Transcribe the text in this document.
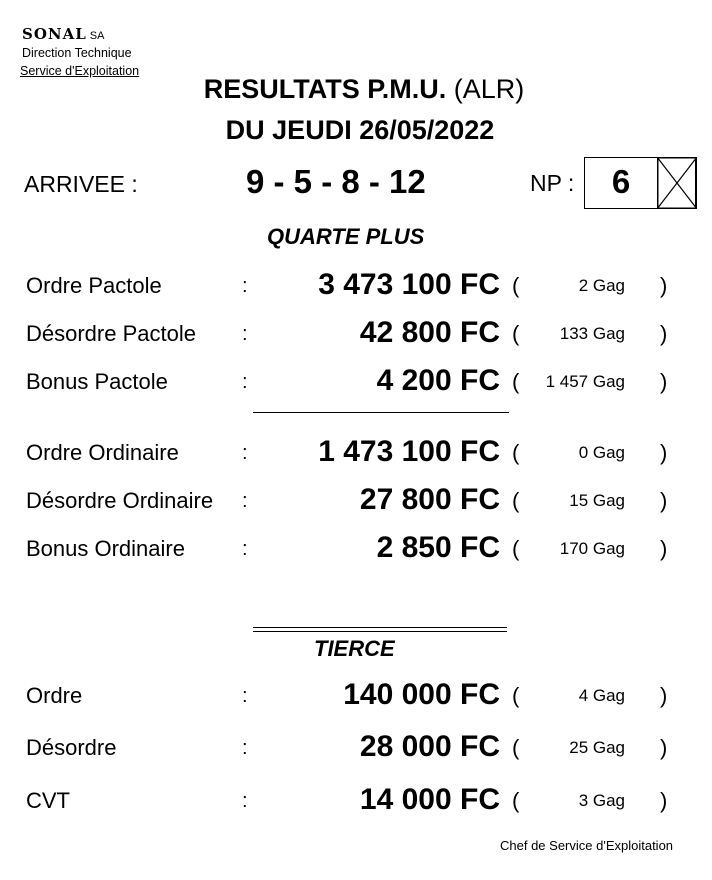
SONAL SA
Direction Technique
Service d'Exploitation
RESULTATS P.M.U. (ALR)
DU JEUDI 26/05/2022
ARRIVEE :	9 - 5 - 8 - 12	NP :	6
QUARTE PLUS
Ordre Pactole	:	3 473 100 FC (	2 Gag )
Désordre Pactole :	42 800 FC (	133 Gag )
Bonus Pactole	:	4 200 FC (	1 457 Gag )
Ordre Ordinaire	:	1 473 100 FC (	0 Gag )
Désordre Ordinaire :	27 800 FC (	15 Gag )
Bonus Ordinaire	:	2 850 FC (	170 Gag )
TIERCE
Ordre	:	140 000 FC (	4 Gag )
Désordre	:	28 000 FC (	25 Gag )
CVT	:	14 000 FC (	3 Gag )
Chef de Service d'Exploitation
